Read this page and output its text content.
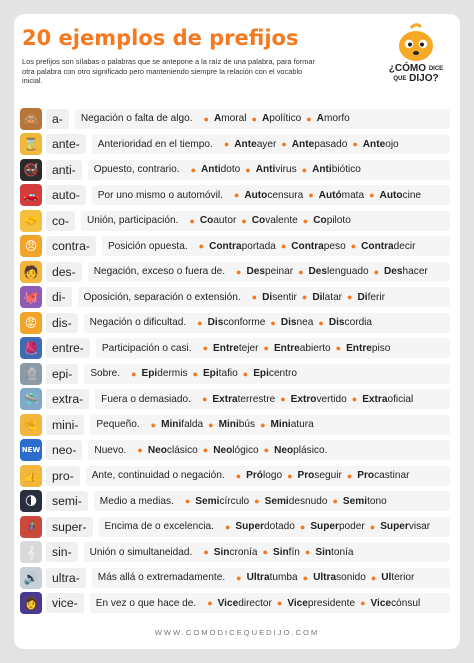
20 ejemplos de prefijos

Los prefijos son sílabas o palabras que se antepone a la raíz de una palabra, para formar otra palabra con otro significado pero manteniendo siempre la relación con el vocablo inicial.

¿CÓMO DICE
QUE DIJO?
🙈	a-	Negación o falta de algo. ● Amoral ● Apolítico ● Amorfo
⌛	ante-	Anterioridad en el tiempo. ● Anteayer ● Antepasado ● Anteojo
🚭	anti-	Opuesto, contrario. ● Antidoto ● Antivirus ● Antibiótico
🚗	auto-	Por uno mismo o automóvil. ● Autocensura ● Autómata ● Autocine
🤝	co-	Unión, participación. ● Coautor ● Covalente ● Copiloto
😠	contra-	Posición opuesta. ● Contraportada ● Contrapeso ● Contradecir
🧑	des-	Negación, exceso o fuera de. ● Despeinar ● Deslenguado ● Deshacer
🐙	di-	Oposición, separación o extensión. ● Disentir ● Dilatar ● Diferir
😡	dis-	Negación o dificultad. ● Disconforme ● Disnea ● Discordia
🧶	entre-	Participación o casi. ● Entretejer ● Entreabierto ● Entrepiso
🪦	epi-	Sobre. ● Epidermis ● Epitafio ● Epicentro
🛸	extra-	Fuera o demasiado. ● Extraterrestre ● Extrovertido ● Extraoficial
🤏	mini-	Pequeño. ● Minifalda ● Minibús ● Miniatura
NEW neo-	Nuevo. ● Neoclásico ● Neológico ● Neoplásico.
👍	pro-	Ante, continuidad o negación. ● Prólogo ● Proseguir ● Procastinar
🌗	semi-	Medio a medias. ● Semicírculo ● Semidesnudo ● Semitono
🦸	super-	Encima de o excelencia. ● Superdotado ● Superpoder ● Supervisar
𝄞	sin-	Unión o simultaneidad. ● Sincronía ● Sinfín ● Sintonía
🔊	ultra-	Más allá o extremadamente. ● Ultratumba ● Ultrasonido ● Ulterior
👩	vice-	En vez o que hace de. ● Vicedirector ● Vicepresidente ● Vicecónsul
WWW.COMODICEQUEDIJO.COM
